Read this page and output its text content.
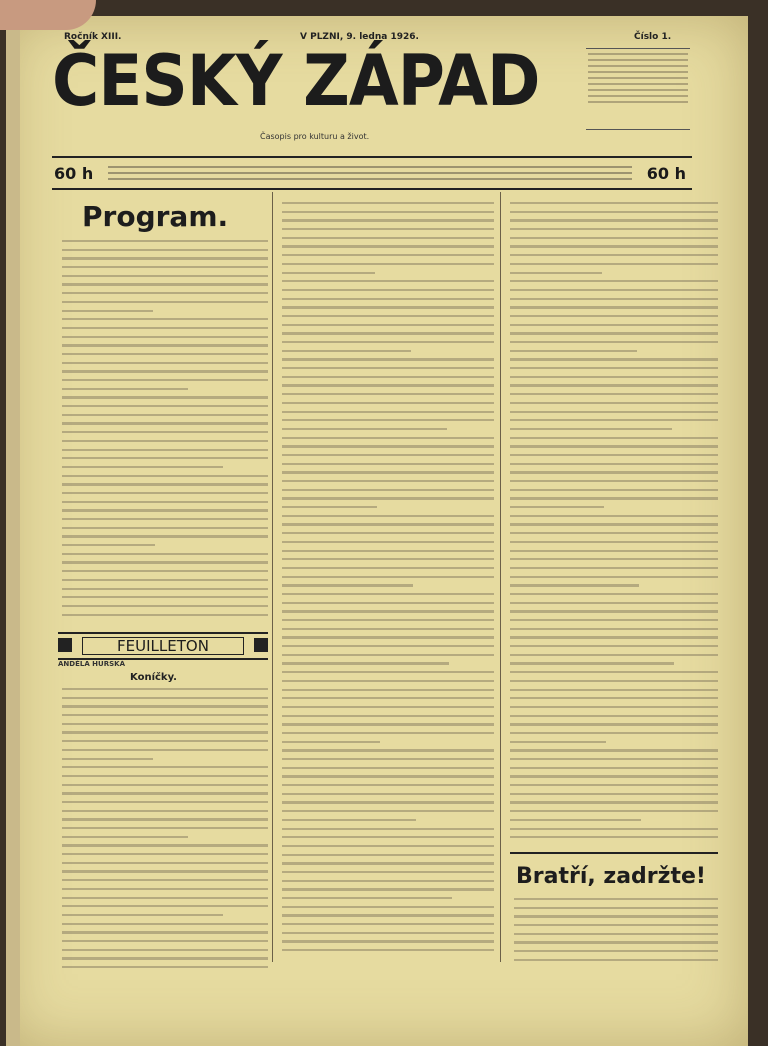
Ročník XIII.	V PLZNI, 9. ledna 1926.	Číslo 1.
ČESKÝ ZÁPAD
Časopis pro kulturu a život.
60 h	60 h
Program.
FEUILLETON
ANDĚLA HURSKÁ
Koníčky.
Bratří, zadržte!
